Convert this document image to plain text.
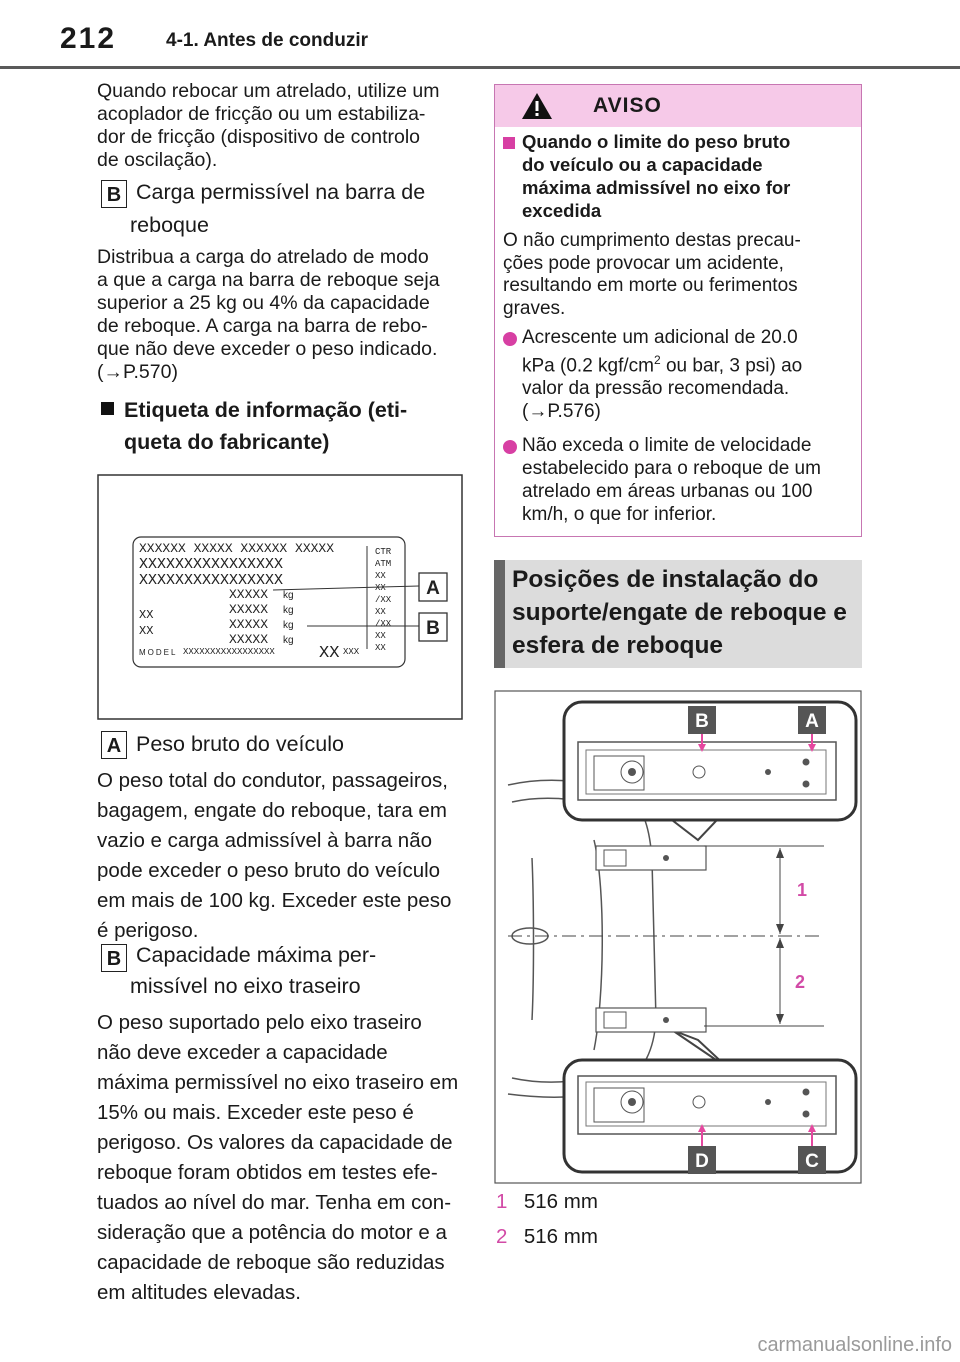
212	4-1. Antes de conduzir
Quando rebocar um atrelado, utilize um
acoplador de fricção ou um estabiliza-
dor de fricção (dispositivo de controlo
de oscilação).
B Carga permissível na barra de
reboque
Distribua a carga do atrelado de modo
a que a carga na barra de reboque seja
superior a 25 kg ou 4% da capacidade
de reboque. A carga na barra de rebo-
que não deve exceder o peso indicado.
(→P.570)
Etiqueta de informação (eti-
queta do fabricante)
XXXXXX XXXXX XXXXXX XXXXX
XXXXXXXXXXXXXXXX
XXXXXXXXXXXXXXXX
XXXXX
XXXXX
XXXXX
XXXXX
kg
kg
kg
kg
XX
XX
MODEL XXXXXXXXXXXXXXXXX	XX XXX
CTR
ATM
XX
XX
/XX
XX
/XX
XX
XX
A
B
A Peso bruto do veículo
O peso total do condutor, passageiros,
bagagem, engate do reboque, tara em
vazio e carga admissível à barra não
pode exceder o peso bruto do veículo
em mais de 100 kg. Exceder este peso
é perigoso.
B Capacidade máxima per-
missível no eixo traseiro
O peso suportado pelo eixo traseiro
não deve exceder a capacidade
máxima permissível no eixo traseiro em
15% ou mais. Exceder este peso é
perigoso. Os valores da capacidade de
reboque foram obtidos em testes efe-
tuados ao nível do mar. Tenha em con-
sideração que a potência do motor e a
capacidade de reboque são reduzidas
em altitudes elevadas.
AVISO
Quando o limite do peso bruto
do veículo ou a capacidade
máxima admissível no eixo for
excedida
O não cumprimento destas precau-
ções pode provocar um acidente,
resultando em morte ou ferimentos
graves.
Acrescente um adicional de 20.0
kPa (0.2 kgf/$cm^2$ ou bar, 3 psi) ao
valor da pressão recomendada.
(→P.576)
Não exceda o limite de velocidade
estabelecido para o reboque de um
atrelado em áreas urbanas ou 100
km/h, o que for inferior.
Posições de instalação do
suporte/engate de reboque e
esfera de reboque
1
2
B	A
D	C
1 516 mm
2 516 mm
carmanualsonline.info
